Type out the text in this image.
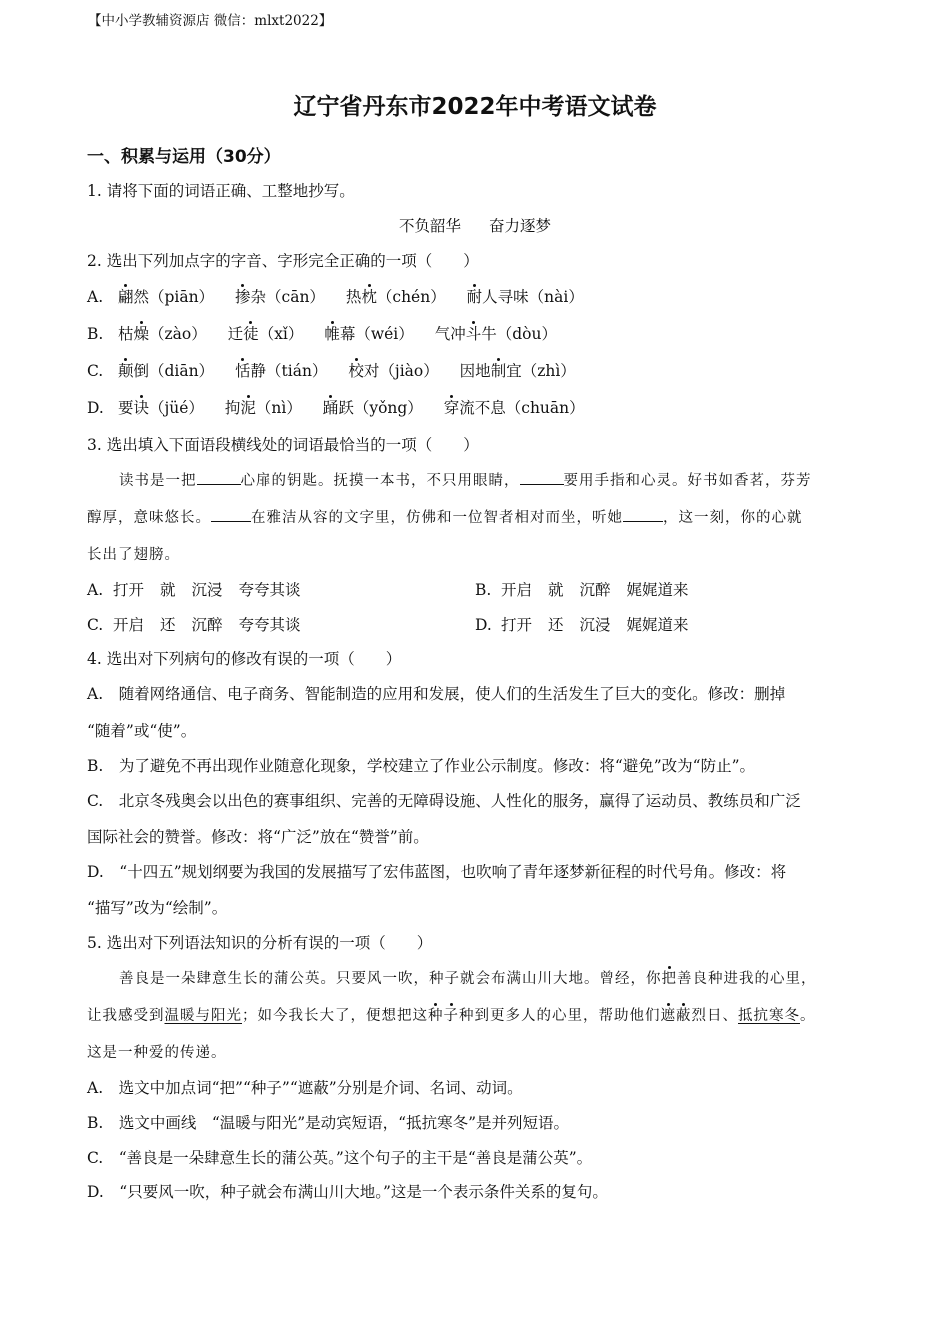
【中小学教辅资源店 微信：mlxt2022】
辽宁省丹东市2022年中考语文试卷
一、积累与运用（30分）
1. 请将下面的词语正确、工整地抄写。
不负韶华 奋力逐梦
2. 选出下列加点字的字音、字形完全正确的一项（　　）
A. 翩然（piān） 掺杂（cān） 热枕（chén） 耐人寻味（nài）
B. 枯燥（zào） 迁徒（xǐ） 帷幕（wéi） 气冲斗牛（dòu）
C. 颠倒（diān） 恬静（tián） 校对（jiào） 因地制宜（zhì）
D. 要诀（jüé） 拘泥（nì） 踊跃（yǒng） 穿流不息（chuān）
3. 选出填入下面语段横线处的词语最恰当的一项（　　）
读书是一把	心扉的钥匙。抚摸一本书，不只用眼睛，	要用手指和心灵。好书如香茗，芬芳
醇厚，意味悠长。	在雅洁从容的文字里，仿佛和一位智者相对而坐，听她	，这一刻，你的心就
长出了翅膀。
A. 打开 就 沉浸 夸夸其谈	B. 开启 就 沉醉 娓娓道来
C. 开启 还 沉醉 夸夸其谈	D. 打开 还 沉浸 娓娓道来
4. 选出对下列病句的修改有误的一项（　　）
A.　随着网络通信、电子商务、智能制造的应用和发展，使人们的生活发生了巨大的变化。修改：删掉
“随着”或“使”。
B.　为了避免不再出现作业随意化现象，学校建立了作业公示制度。修改：将“避免”改为“防止”。
C.　北京冬残奥会以出色的赛事组织、完善的无障碍设施、人性化的服务，赢得了运动员、教练员和广泛
国际社会的赞誉。修改：将“广泛”放在“赞誉”前。
D.　“十四五”规划纲要为我国的发展描写了宏伟蓝图，也吹响了青年逐梦新征程的时代号角。修改：将
“描写”改为“绘制”。
5. 选出对下列语法知识的分析有误的一项（　　）
善良是一朵肆意生长的蒲公英。只要风一吹，种子就会布满山川大地。曾经，你把善良种进我的心里，
让我感受到温暖与阳光；如今我长大了，便想把这种子种到更多人的心里，帮助他们遮蔽烈日、抵抗寒冬。
这是一种爱的传递。
A.　选文中加点词“把”“种子”“遮蔽”分别是介词、名词、动词。
B.　选文中画线　“温暖与阳光”是动宾短语，“抵抗寒冬”是并列短语。
C.　“善良是一朵肆意生长的蒲公英。”这个句子的主干是“善良是蒲公英”。
D.　“只要风一吹，种子就会布满山川大地。”这是一个表示条件关系的复句。
